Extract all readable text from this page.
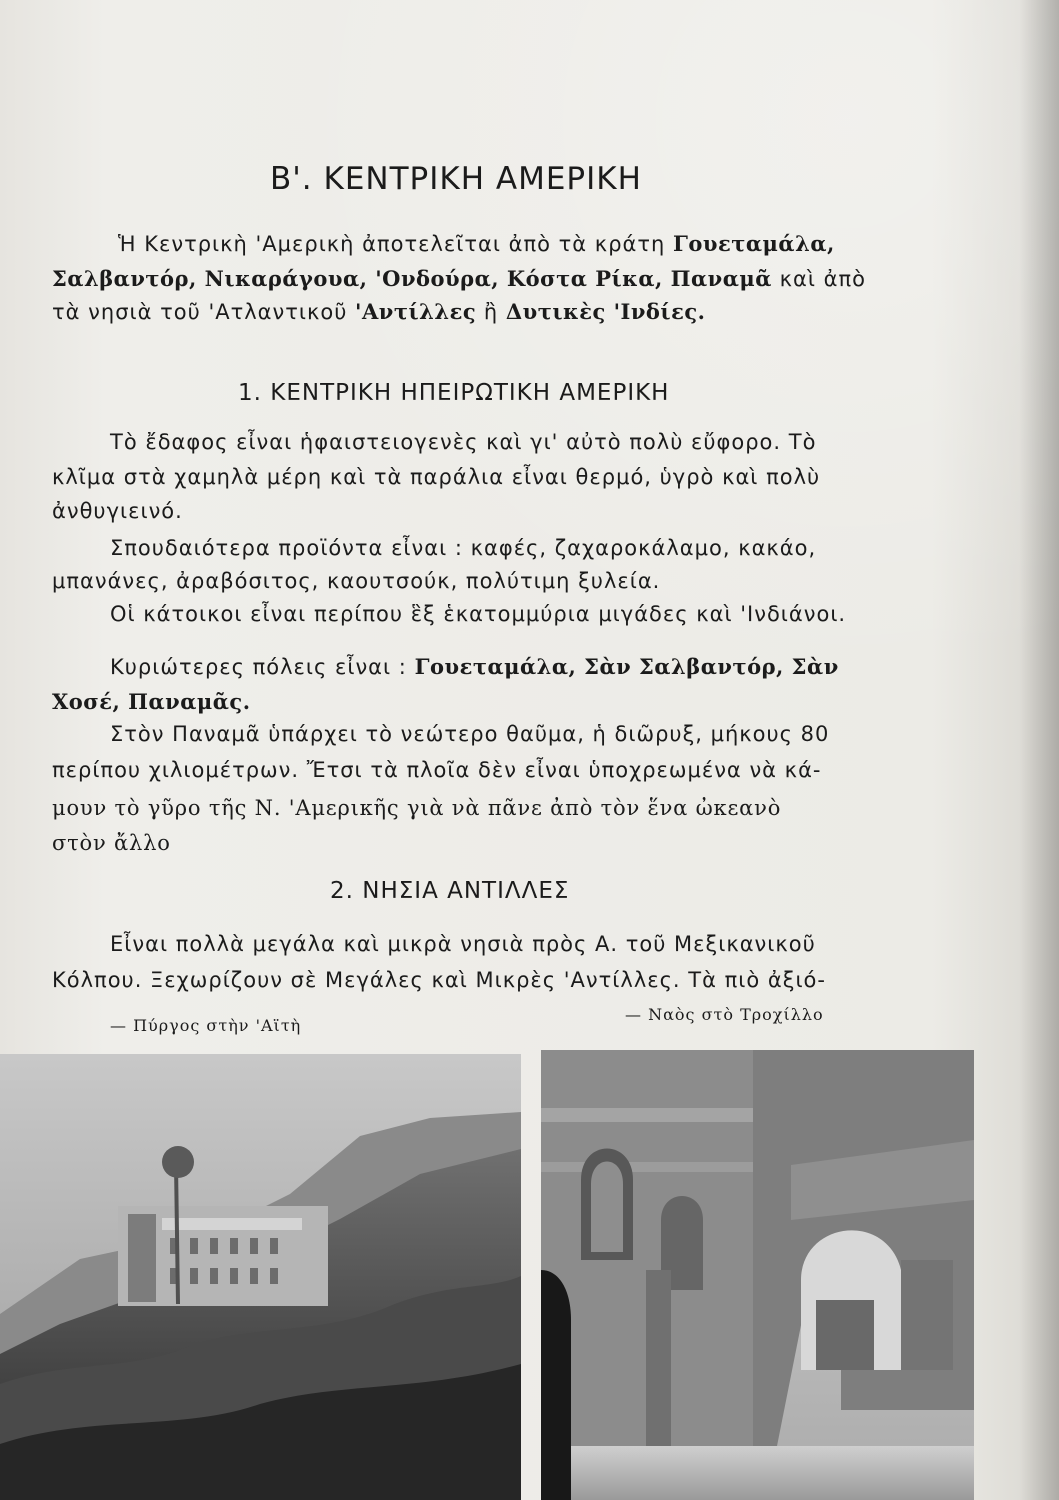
Β'. ΚΕΝΤΡΙΚΗ ΑΜΕΡΙΚΗ

Ἡ Κεντρικὴ 'Αμερικὴ ἀποτελεῖται ἀπὸ τὰ κράτη Γουεταμάλα,

Σαλβαντόρ, Νικαράγουα, 'Ονδούρα, Κόστα Ρίκα, Παναμᾶ καὶ ἀπὸ

τὰ νησιὰ τοῦ 'Ατλαντικοῦ 'Αντίλλες ἢ Δυτικὲς 'Ινδίες.

1. ΚΕΝΤΡΙΚΗ ΗΠΕΙΡΩΤΙΚΗ ΑΜΕΡΙΚΗ

Τὸ ἔδαφος εἶναι ἡφαιστειογενὲς καὶ γι' αὐτὸ πολὺ εὔφορο. Τὸ

κλῖμα στὰ χαμηλὰ μέρη καὶ τὰ παράλια εἶναι θερμό, ὑγρὸ καὶ πολὺ

ἀνθυγιεινό.

Σπουδαιότερα προϊόντα εἶναι : καφές, ζαχαροκάλαμο, κακάο,

μπανάνες, ἀραβόσιτος, καουτσούκ, πολύτιμη ξυλεία.

Οἱ κάτοικοι εἶναι περίπου ἓξ ἑκατομμύρια μιγάδες καὶ 'Ινδιάνοι.

Κυριώτερες πόλεις εἶναι : Γουεταμάλα, Σὰν Σαλβαντόρ, Σὰν

Χοσέ, Παναμᾶς.

Στὸν Παναμᾶ ὑπάρχει τὸ νεώτερο θαῦμα, ἡ διῶρυξ, μήκους 80

περίπου χιλιομέτρων. Ἔτσι τὰ πλοῖα δὲν εἶναι ὑποχρεωμένα νὰ κά-

μουν τὸ γῦρο τῆς Ν. 'Αμερικῆς γιὰ νὰ πᾶνε ἀπὸ τὸν ἕνα ὠκεανὸ

στὸν ἄλλο

2. ΝΗΣΙΑ ΑΝΤΙΛΛΕΣ

Εἶναι πολλὰ μεγάλα καὶ μικρὰ νησιὰ πρὸς Α. τοῦ Μεξικανικοῦ

Κόλπου. Ξεχωρίζουν σὲ Μεγάλες καὶ Μικρὲς 'Αντίλλες. Τὰ πιὸ ἀξιό-

— Πύργος στὴν 'Αϊτὴ
— Ναὸς στὸ Τροχίλλο
